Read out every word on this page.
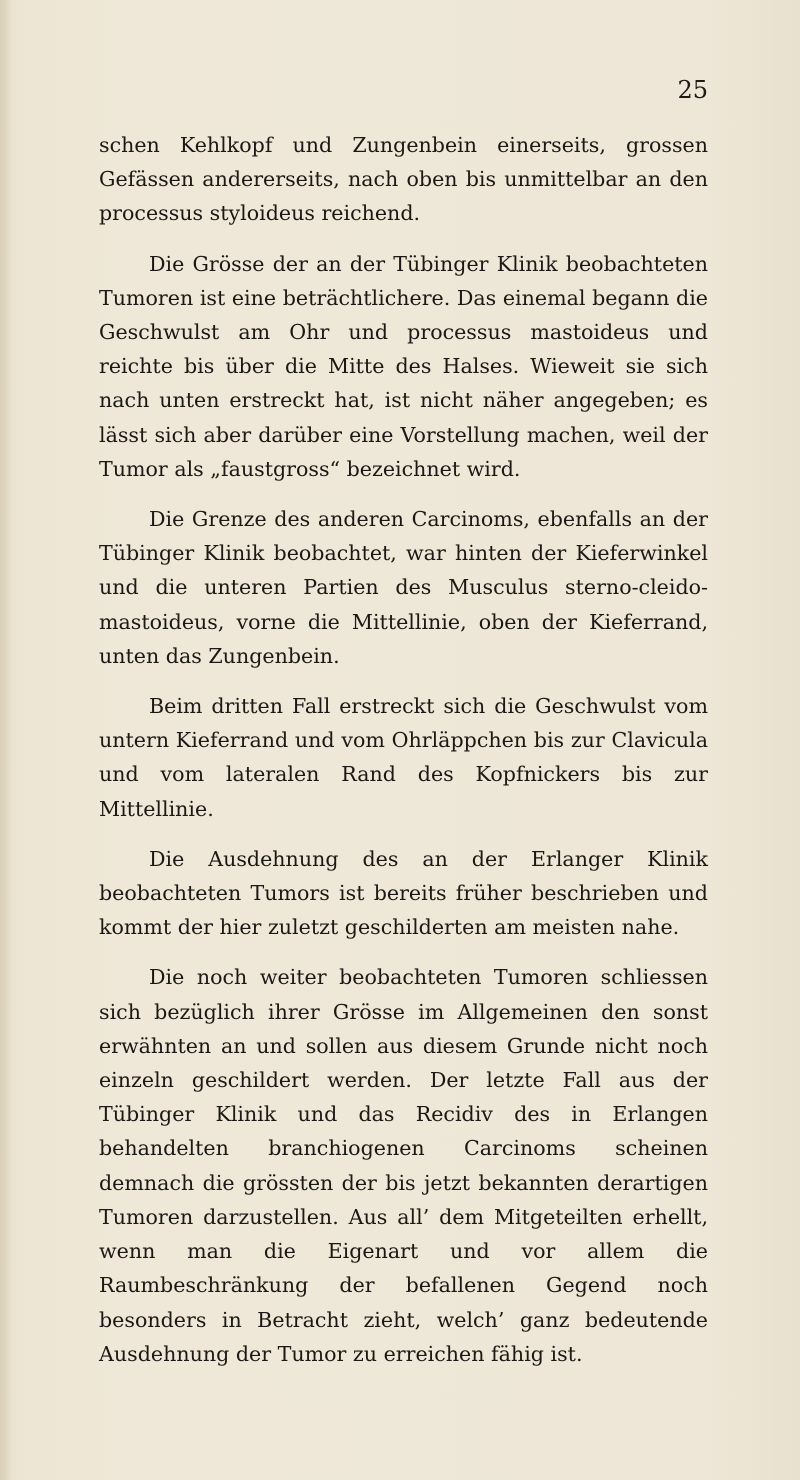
25

schen Kehlkopf und Zungenbein einerseits, grossen Gefässen andererseits, nach oben bis unmittelbar an den processus styloideus reichend.

Die Grösse der an der Tübinger Klinik beobachteten Tumoren ist eine beträchtlichere. Das einemal begann die Geschwulst am Ohr und processus mastoideus und reichte bis über die Mitte des Halses. Wieweit sie sich nach unten erstreckt hat, ist nicht näher angegeben; es lässt sich aber darüber eine Vorstellung machen, weil der Tumor als „faustgross“ bezeichnet wird.

Die Grenze des anderen Carcinoms, ebenfalls an der Tübinger Klinik beobachtet, war hinten der Kieferwinkel und die unteren Partien des Musculus sterno-cleido-mastoideus, vorne die Mittellinie, oben der Kieferrand, unten das Zungenbein.

Beim dritten Fall erstreckt sich die Geschwulst vom untern Kieferrand und vom Ohrläppchen bis zur Clavicula und vom lateralen Rand des Kopfnickers bis zur Mittellinie.

Die Ausdehnung des an der Erlanger Klinik beobachteten Tumors ist bereits früher beschrieben und kommt der hier zuletzt geschilderten am meisten nahe.

Die noch weiter beobachteten Tumoren schliessen sich bezüglich ihrer Grösse im Allgemeinen den sonst erwähnten an und sollen aus diesem Grunde nicht noch einzeln geschildert werden. Der letzte Fall aus der Tübinger Klinik und das Recidiv des in Erlangen behandelten branchiogenen Carcinoms scheinen demnach die grössten der bis jetzt bekannten derartigen Tumoren darzustellen. Aus all’ dem Mitgeteilten erhellt, wenn man die Eigenart und vor allem die Raumbeschränkung der befallenen Gegend noch besonders in Betracht zieht, welch’ ganz bedeutende Ausdehnung der Tumor zu erreichen fähig ist.
